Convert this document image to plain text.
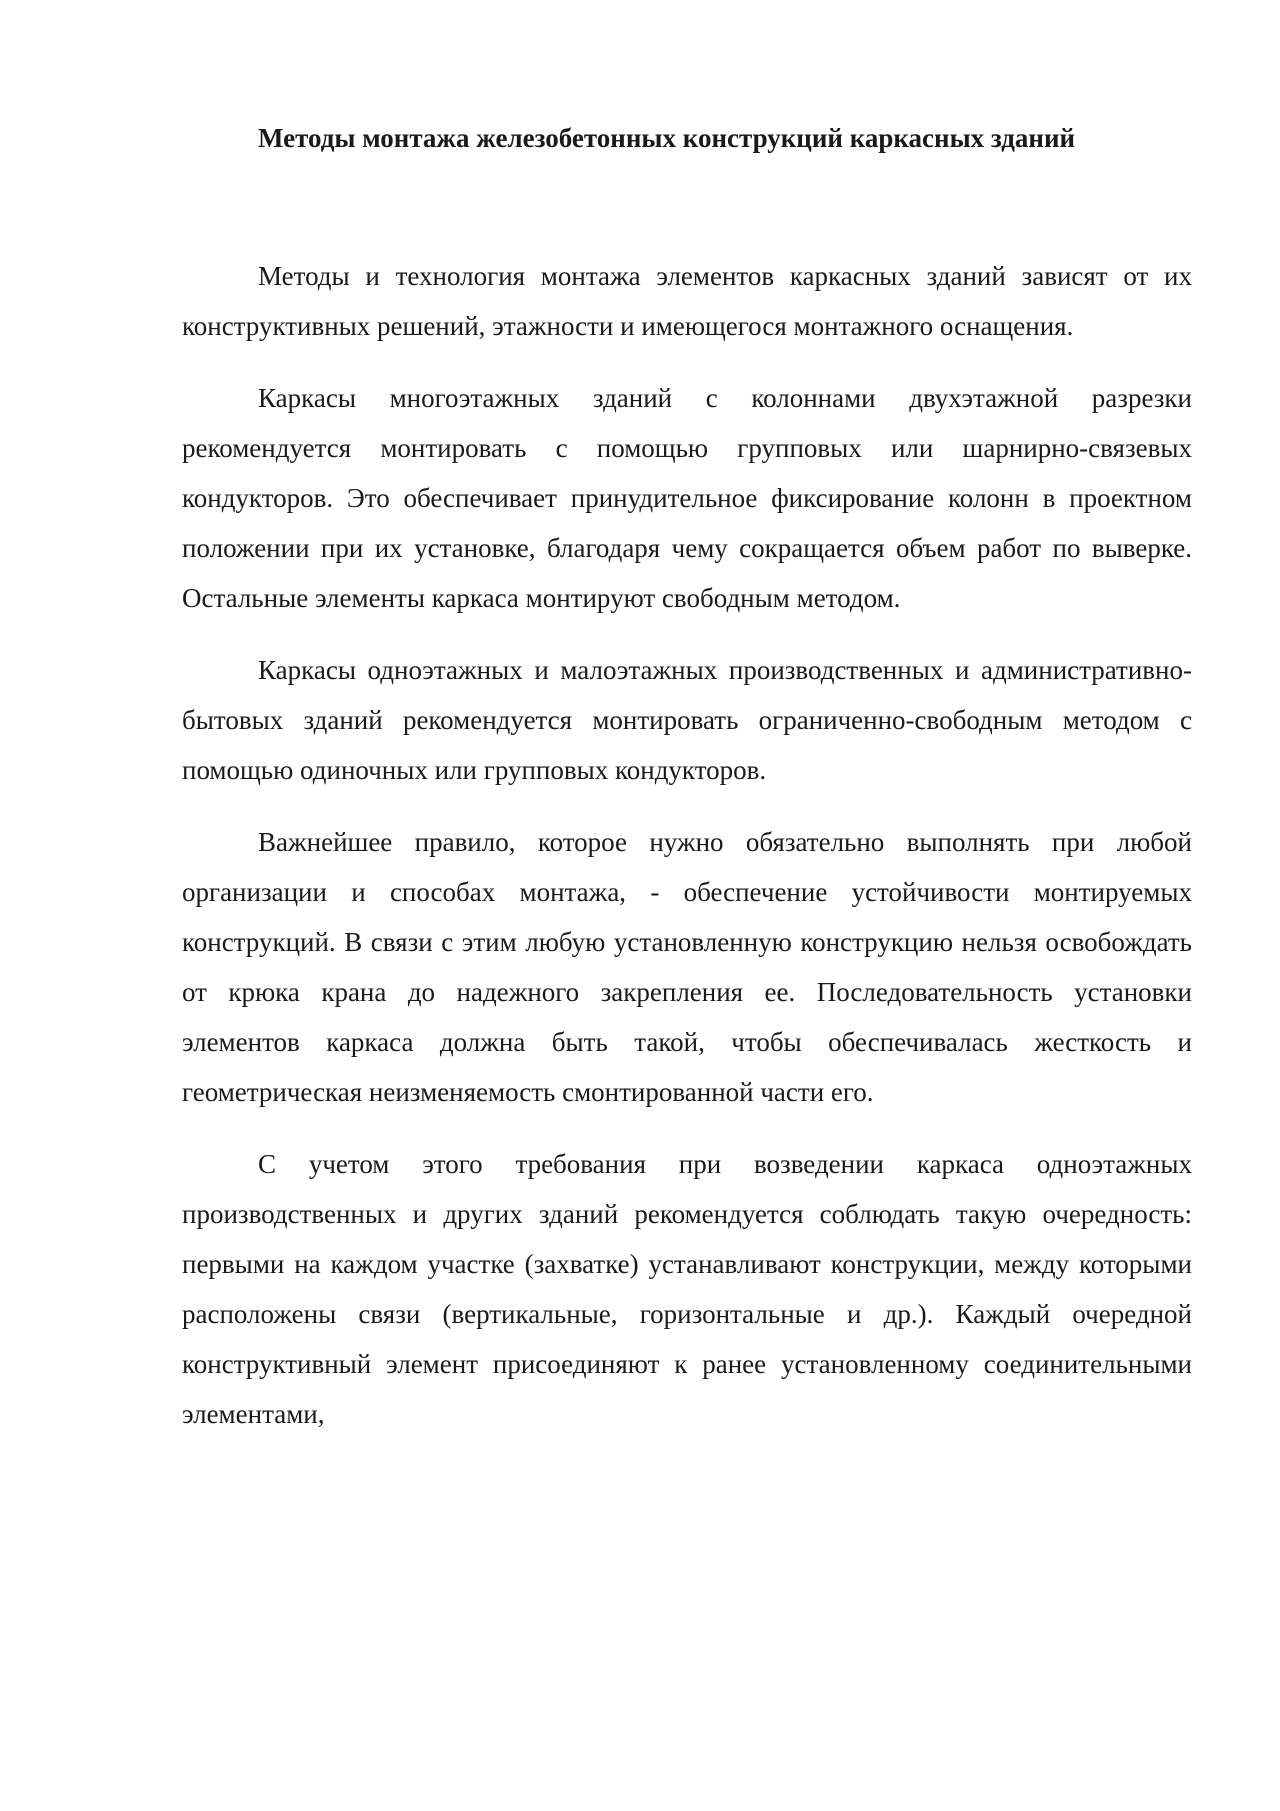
Методы монтажа железобетонных конструкций каркасных зданий

Методы и технология монтажа элементов каркасных зданий зависят от их конструктивных решений, этажности и имеющегося монтажного оснащения.

Каркасы многоэтажных зданий с колоннами двухэтажной разрезки рекомендуется монтировать с помощью групповых или шарнирно-связевых кондукторов. Это обеспечивает принудительное фиксирование колонн в проектном положении при их установке, благодаря чему сокращается объем работ по выверке. Остальные элементы каркаса монтируют свободным методом.

Каркасы одноэтажных и малоэтажных производственных и административно-бытовых зданий рекомендуется монтировать ограниченно-свободным методом с помощью одиночных или групповых кондукторов.

Важнейшее правило, которое нужно обязательно выполнять при любой организации и способах монтажа, - обеспечение устойчивости монтируемых конструкций. В связи с этим любую установленную конструкцию нельзя освобождать от крюка крана до надежного закрепления ее. Последовательность установки элементов каркаса должна быть такой, чтобы обеспечивалась жесткость и геометрическая неизменяемость смонтированной части его.

С учетом этого требования при возведении каркаса одноэтажных производственных и других зданий рекомендуется соблюдать такую очередность: первыми на каждом участке (захватке) устанавливают конструкции, между которыми расположены связи (вертикальные, горизонтальные и др.). Каждый очередной конструктивный элемент присоединяют к ранее установленному соединительными элементами,
